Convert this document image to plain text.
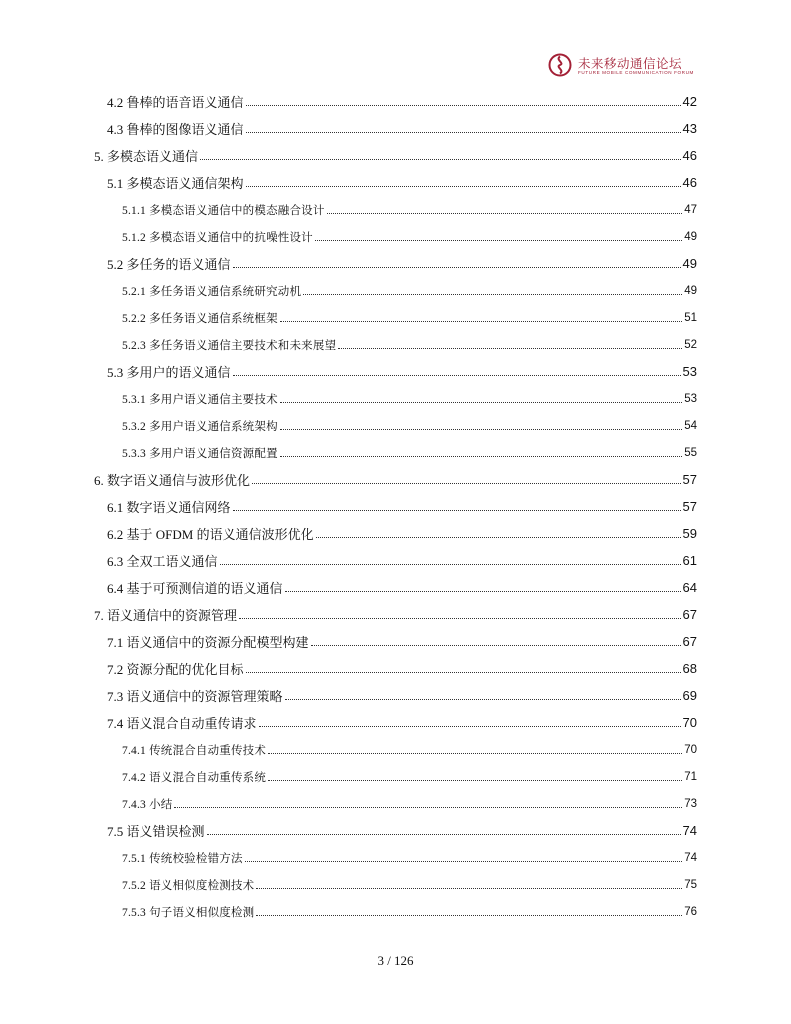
未来移动通信论坛
FUTURE MOBILE COMMUNICATION FORUM
4.2 鲁棒的语音语义通信	42
4.3 鲁棒的图像语义通信	43
5. 多模态语义通信	46
5.1 多模态语义通信架构	46
5.1.1 多模态语义通信中的模态融合设计	47
5.1.2 多模态语义通信中的抗噪性设计	49
5.2 多任务的语义通信	49
5.2.1 多任务语义通信系统研究动机	49
5.2.2 多任务语义通信系统框架	51
5.2.3 多任务语义通信主要技术和未来展望	52
5.3 多用户的语义通信	53
5.3.1 多用户语义通信主要技术	53
5.3.2 多用户语义通信系统架构	54
5.3.3 多用户语义通信资源配置	55
6. 数字语义通信与波形优化	57
6.1 数字语义通信网络	57
6.2 基于 OFDM 的语义通信波形优化	59
6.3 全双工语义通信	61
6.4 基于可预测信道的语义通信	64
7. 语义通信中的资源管理	67
7.1 语义通信中的资源分配模型构建	67
7.2 资源分配的优化目标	68
7.3 语义通信中的资源管理策略	69
7.4 语义混合自动重传请求	70
7.4.1 传统混合自动重传技术	70
7.4.2 语义混合自动重传系统	71
7.4.3 小结	73
7.5 语义错误检测	74
7.5.1 传统校验检错方法	74
7.5.2 语义相似度检测技术	75
7.5.3 句子语义相似度检测	76
3 / 126
